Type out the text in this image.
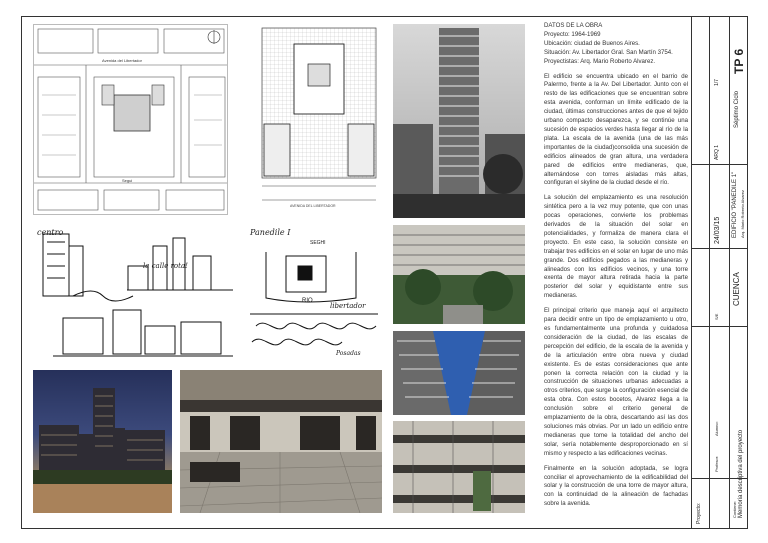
Avenida del Libertador
Segui
AVENIDA DEL LIBERTADOR
centro
la calle rota!
Panedile I
SEGHI
RIO
libertador
Posadas
DATOS DE LA OBRA
Proyecto: 1964-1969
Ubicación: ciudad de Buenos Aires.
Situación: Av. Libertador Gral. San Martín 3754.
Proyectistas: Arq. Mario Roberto Alvarez.

El edificio se encuentra ubicado en el barrio de Palermo, frente a la Av. Del Libertador. Junto con el resto de las edificaciones que se encuentran sobre esta avenida, conforman un límite edificado de la ciudad, últimas construcciones antes de que el tejido urbano compacto desaparezca, y se continúe una sucesión de espacios verdes hasta llegar al río de la plata. La escala de la avenida (una de las más importantes de la ciudad)consolida una sucesión de edificios alineados de gran altura, una verdadera pared de edificios entre medianeras, que, alternándose con torres aisladas más altas, configuran el skyline de la ciudad desde el río.

La solución del emplazamiento es una resolución sintética pero a la vez muy potente, que con unas pocas operaciones, convierte los problemas derivados de la situación del solar en potencialidades, y formaliza de manera clara el proyecto. En este caso, la solución consiste en trabajar tres edificios en el solar en lugar de uno más grande. Dos edificios pegados a las medianeras y alineados con los edificios vecinos, y una torre exenta de mayor altura retirada hacia la parte posterior del solar y equidistante entre sus medianeras.

El principal criterio que maneja aquí el arquitecto para decidir entre un tipo de emplazamiento u otro, es fundamentalmente una profunda y cuidadosa consideración de la ciudad, de las escalas de percepción del edificio, de la escala de la avenida y de la articulación entre obra nueva y ciudad existente. Es de estas consideraciones que ante ponen la correcta relación con la ciudad y la construcción de situaciones urbanas adecuadas a otros criterios, que surge la configuración esencial de esta obra. Con estos bocetos, Alvarez llega a la conclusión sobre el criterio general de emplazamiento de la obra, descartando así las dos soluciones más obvias. Por un lado un edificio entre medianeras que tome la totalidad del ancho del solar, sería notablemente desproporcionado en sí mismo y respecto a las edificaciones vecinas.

Finalmente en la solución adoptada, se logra conciliar el aprovechamiento de la edificabilidad del solar y la construcción de una torre de mayor altura, con la continuidad de la alineación de fachadas sobre la avenida.

TP 6
Séptimo Ciclo
ARQ 1
1/7
EDIFICIO "PANEDILE 1" Arq. Mario Roberto Alvarez
24/03/15
CUENCA
S/E
Alumno:
Profesor:
Contiene: Memoria descriptiva del proyecto
Proyecto:
